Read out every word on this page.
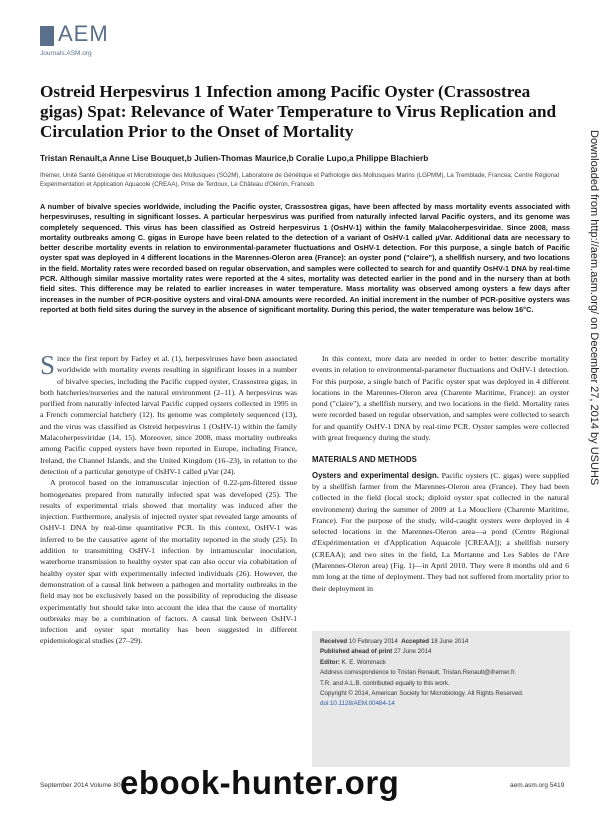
AEM
Journals.ASM.org
Ostreid Herpesvirus 1 Infection among Pacific Oyster (Crassostrea gigas) Spat: Relevance of Water Temperature to Virus Replication and Circulation Prior to the Onset of Mortality
Tristan Renault,a Anne Lise Bouquet,b Julien-Thomas Maurice,b Coralie Lupo,a Philippe Blachierb
Ifremer, Unité Santé Génétique et Microbiologie des Mollusques (SG2M), Laboratoire de Génétique et Pathologie des Mollusques Marins (LGPMM), La Tremblade, Francea; Centre Régional Expérimentation et Application Aquacole (CREAA), Prise de Terdoux, Le Château d'Oléron, Franceb
A number of bivalve species worldwide, including the Pacific oyster, Crassostrea gigas, have been affected by mass mortality events associated with herpesviruses, resulting in significant losses. A particular herpesvirus was purified from naturally infected larval Pacific oysters, and its genome was completely sequenced. This virus has been classified as Ostreid herpesvirus 1 (OsHV-1) within the family Malacoherpesviridae. Since 2008, mass mortality outbreaks among C. gigas in Europe have been related to the detection of a variant of OsHV-1 called µVar. Additional data are necessary to better describe mortality events in relation to environmental-parameter fluctuations and OsHV-1 detection. For this purpose, a single batch of Pacific oyster spat was deployed in 4 different locations in the Marennes-Oleron area (France): an oyster pond ("claire"), a shellfish nursery, and two locations in the field. Mortality rates were recorded based on regular observation, and samples were collected to search for and quantify OsHV-1 DNA by real-time PCR. Although similar massive mortality rates were reported at the 4 sites, mortality was detected earlier in the pond and in the nursery than at both field sites. This difference may be related to earlier increases in water temperature. Mass mortality was observed among oysters a few days after increases in the number of PCR-positive oysters and viral-DNA amounts were recorded. An initial increment in the number of PCR-positive oysters was reported at both field sites during the survey in the absence of significant mortality. During this period, the water temperature was below 16°C.

Since the first report by Farley et al. (1), herpesviruses have been associated worldwide with mortality events resulting in significant losses in a number of bivalve species, including the Pacific cupped oyster, Crassostrea gigas, in both hatcheries/nurseries and the natural environment (2–11). A herpesvirus was purified from naturally infected larval Pacific cupped oysters collected in 1995 in a French commercial hatchery (12). Its genome was completely sequenced (13), and the virus was classified as Ostreid herpesvirus 1 (OsHV-1) within the family Malacoherpesviridae (14, 15). Moreover, since 2008, mass mortality outbreaks among Pacific cupped oysters have been reported in Europe, including France, Ireland, the Channel Islands, and the United Kingdom (16–23), in relation to the detection of a particular genotype of OsHV-1 called µVar (24).

A protocol based on the intramuscular injection of 0.22-µm-filtered tissue homogenates prepared from naturally infected spat was developed (25). The results of experimental trials showed that mortality was induced after the injection. Furthermore, analysis of injected oyster spat revealed large amounts of OsHV-1 DNA by real-time quantitative PCR. In this context, OsHV-1 was inferred to be the causative agent of the mortality reported in the study (25). In addition to transmitting OsHV-1 infection by intramuscular inoculation, waterborne transmission to healthy oyster spat can also occur via cohabitation of healthy oyster spat with experimentally infected individuals (26). However, the demonstration of a causal link between a pathogen and mortality outbreaks in the field may not be exclusively based on the possibility of reproducing the disease experimentally but should take into account the idea that the cause of mortality outbreaks may be a combination of factors. A causal link between OsHV-1 infection and oyster spat mortality has been suggested in different epidemiological studies (27–29).

In this context, more data are needed in order to better describe mortality events in relation to environmental-parameter fluctuations and OsHV-1 detection. For this purpose, a single batch of Pacific oyster spat was deployed in 4 different locations in the Marennes-Oleron area (Charente Maritime, France): an oyster pond ("claire"), a shellfish nursery, and two locations in the field. Mortality rates were recorded based on regular observation, and samples were collected to search for and quantify OsHV-1 DNA by real-time PCR. Oyster samples were collected with great frequency during the study.

MATERIALS AND METHODS

Oysters and experimental design. Pacific oysters (C. gigas) were supplied by a shellfish farmer from the Marennes-Oleron area (France). They had been collected in the field (local stock; diploid oyster spat collected in the natural environment) during the summer of 2009 at La Moucliere (Charente Maritime, France). For the purpose of the study, wild-caught oysters were deployed in 4 selected locations in the Marennes-Oleron area—a pond (Centre Régional d'Expérimentation et d'Application Aquacole [CREAA]); a shellfish nursery (CREAA); and two sites in the field, La Mortanne and Les Sables de l'Are (Marennes-Oleron area) (Fig. 1)—in April 2010. They were 8 months old and 6 mm long at the time of deployment. They had not suffered from mortality prior to their deployment in

Received 10 February 2014 Accepted 18 June 2014
Published ahead of print 27 June 2014
Editor: K. E. Wommack
Address correspondence to Tristan Renault, Tristan.Renault@ifremer.fr.
T.R. and A.L.B. contributed equally to this work.
Copyright © 2014, American Society for Microbiology. All Rights Reserved.
doi:10.1128/AEM.00484-14
September 2014 Volume 80	aem.asm.org 5419
ebook-hunter.org
Downloaded from http://aem.asm.org/ on December 27, 2014 by USUHS
